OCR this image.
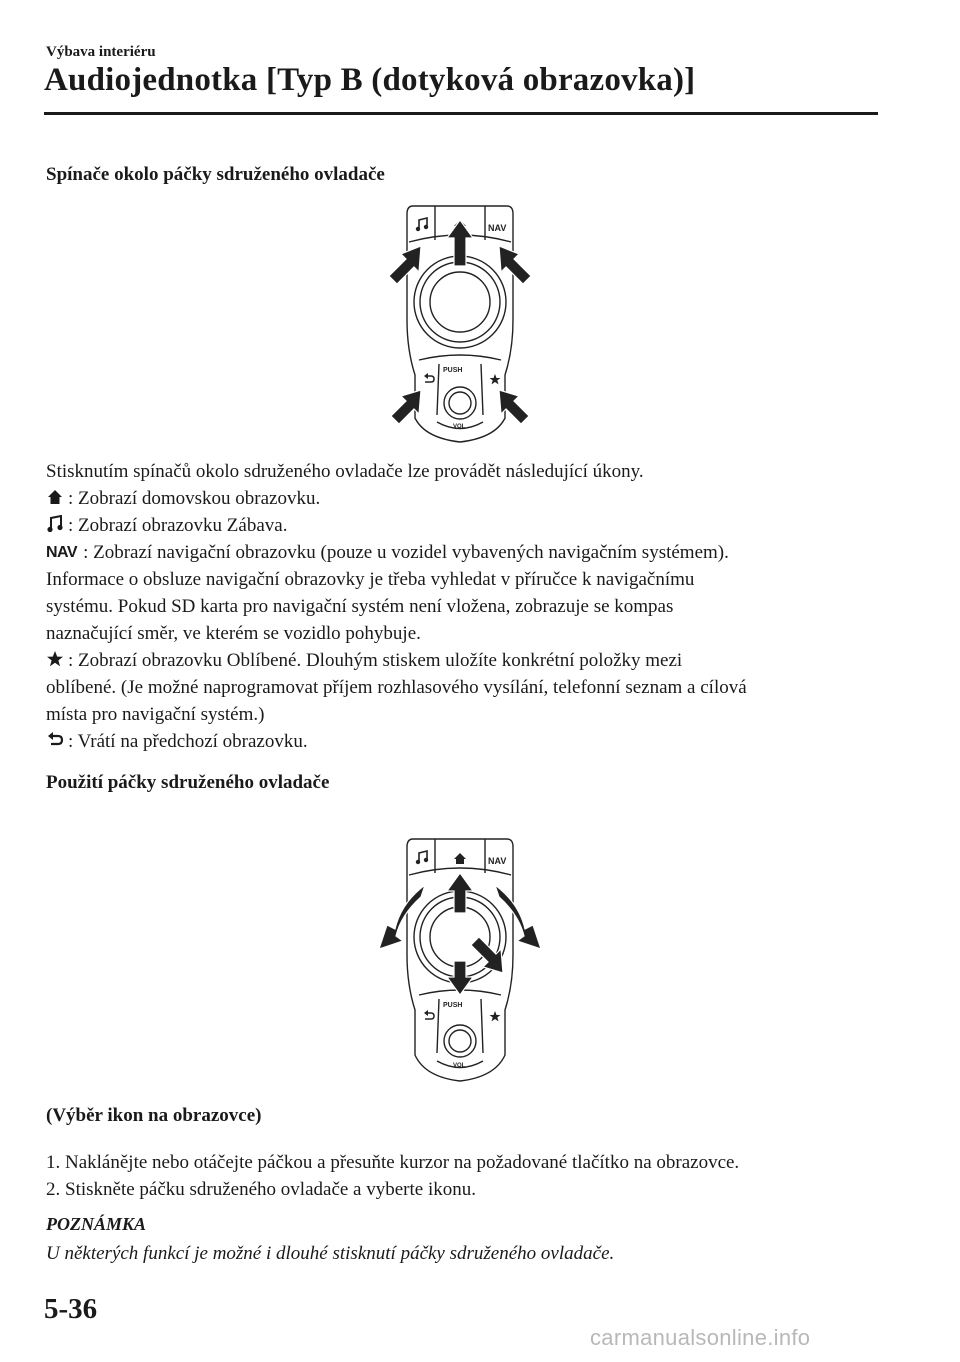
Výbava interiéru
Audiojednotka [Typ B (dotyková obrazovka)]
Spínače okolo páčky sdruženého ovladače
NAV
PUSH
VOL
Stisknutím spínačů okolo sdruženého ovladače lze provádět následující úkony.
: Zobrazí domovskou obrazovku.
: Zobrazí obrazovku Zábava.
NAV : Zobrazí navigační obrazovku (pouze u vozidel vybavených navigačním systémem).
Informace o obsluze navigační obrazovky je třeba vyhledat v příručce k navigačnímu
systému. Pokud SD karta pro navigační systém není vložena, zobrazuje se kompas
naznačující směr, ve kterém se vozidlo pohybuje.
: Zobrazí obrazovku Oblíbené. Dlouhým stiskem uložíte konkrétní položky mezi
oblíbené. (Je možné naprogramovat příjem rozhlasového vysílání, telefonní seznam a cílová
místa pro navigační systém.)
: Vrátí na předchozí obrazovku.
Použití páčky sdruženého ovladače
NAV
PUSH
VOL
(Výběr ikon na obrazovce)
1. Naklánějte nebo otáčejte páčkou a přesuňte kurzor na požadované tlačítko na obrazovce.
2. Stiskněte páčku sdruženého ovladače a vyberte ikonu.
POZNÁMKA
U některých funkcí je možné i dlouhé stisknutí páčky sdruženého ovladače.
5-36
carmanualsonline.info
